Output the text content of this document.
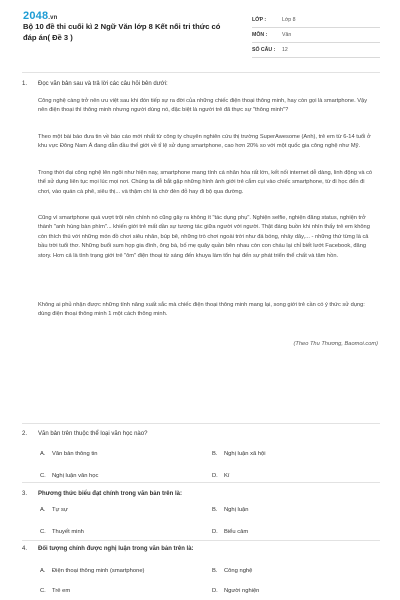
2048.vn
Bộ 10 đề thi cuối kì 2 Ngữ Văn lớp 8 Kết nối tri thức có đáp án( Đề 3 )
LỚP :	Lớp 8
MÔN :	Văn
SỐ CÂU :	12
1. Đọc văn bản sau và trả lời các câu hỏi bên dưới:

Công nghệ càng trở nên ưu việt sau khi đón tiếp sự ra đời của những chiếc điện thoại thông minh, hay còn gọi là smartphone. Vậy nên điện thoại thì thông minh nhưng người dùng nó, đặc biệt là người trẻ đã thực sự "thông minh"?

Theo một bài báo đưa tin về báo cáo mới nhất từ công ty chuyên nghiên cứu thị trường SuperAwesome (Anh), trẻ em từ 6-14 tuổi ở khu vực Đông Nam Á đang dẫn đầu thế giới về tỉ lệ sử dụng smartphone, cao hơn 20% so với một quốc gia công nghệ như Mỹ.

Trong thời đại công nghệ lên ngôi như hiện nay, smartphone mang tính cá nhân hóa rất lớn, kết nối internet dễ dàng, linh động và có thể sử dụng liên tục mọi lúc mọi nơi. Chúng ta dễ bắt gặp những hình ảnh giới trẻ cắm cụi vào chiếc smartphone, từ đi học đến đi chơi, vào quán cà phê, siêu thị... và thậm chí là chờ đèn đỏ hay đi bộ qua đường.

Cũng vì smartphone quá vượt trội nên chính nó cũng gây ra không ít "tác dụng phụ". Nghiện selfie, nghiện đăng status, nghiện trở thành "anh hùng bàn phím"... khiến giới trẻ mất dần sự tương tác giữa người với người. Thật đáng buồn khi nhìn thấy trẻ em không còn thích thú với những món đồ chơi siêu nhân, búp bê, những trò chơi ngoài trời như đá bóng, nhảy dây,... - những thứ từng là cả bầu trời tuổi thơ. Những buổi sum họp gia đình, ông bà, bố mẹ quây quần bên nhau còn con cháu lại chỉ biết lướt Facebook, đăng story. Hơn cả là tình trạng giới trẻ "ôm" điện thoại từ sáng đến khuya làm tổn hại đến sự phát triển thể chất và tâm hồn.

Không ai phủ nhận được những tính năng xuất sắc mà chiếc điện thoại thông minh mang lại, song giới trẻ cần có ý thức sử dụng: dùng điện thoại thông minh 1 một cách thông minh.

(Theo Thu Thương, Baomoi.com)

2. Văn bản trên thuộc thể loại văn học nào?
A. Văn bản thông tin	B. Nghị luận xã hội
C. Nghị luận văn học	D. Kí
3. Phương thức biểu đạt chính trong văn bản trên là:
A. Tự sự	B. Nghị luận
C. Thuyết minh	D. Biểu cảm
4. Đối tượng chính được nghị luận trong văn bản trên là:
A. Điện thoại thông minh (smartphone)	B. Công nghệ
C. Trẻ em	D. Người nghiện
